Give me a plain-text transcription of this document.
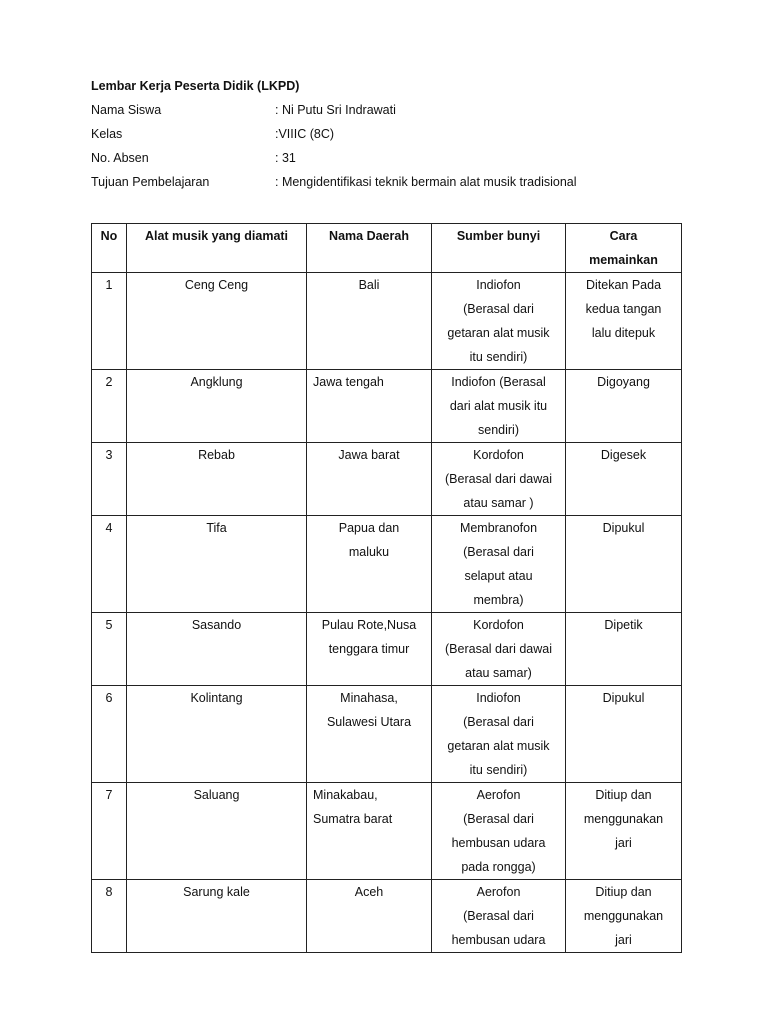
Lembar Kerja Peserta Didik (LKPD)
Nama Siswa	: Ni Putu Sri Indrawati
Kelas	:VIIIC (8C)
No. Absen	: 31
Tujuan Pembelajaran	: Mengidentifikasi teknik bermain alat musik tradisional
No	Alat musik yang diamati	Nama Daerah	Sumber bunyi	Cara
memainkan

1	Ceng Ceng	Bali	Indiofon
(Berasal dari
getaran alat musik
itu sendiri)	Ditekan Pada
kedua tangan
lalu ditepuk

2	Angklung	Jawa tengah	Indiofon (Berasal
dari alat musik itu
sendiri)	Digoyang

3	Rebab	Jawa barat	Kordofon
(Berasal dari dawai
atau samar )	Digesek

4	Tifa	Papua dan
maluku	Membranofon
(Berasal dari
selaput atau
membra)	Dipukul

5	Sasando	Pulau Rote,Nusa
tenggara timur	Kordofon
(Berasal dari dawai
atau samar)	Dipetik

6	Kolintang	Minahasa,
Sulawesi Utara	Indiofon
(Berasal dari
getaran alat musik
itu sendiri)	Dipukul

7	Saluang	Minakabau,
Sumatra barat	Aerofon
(Berasal dari
hembusan udara
pada rongga)	Ditiup dan
menggunakan
jari

8	Sarung kale	Aceh	Aerofon
(Berasal dari
hembusan udara	Ditiup dan
menggunakan
jari
